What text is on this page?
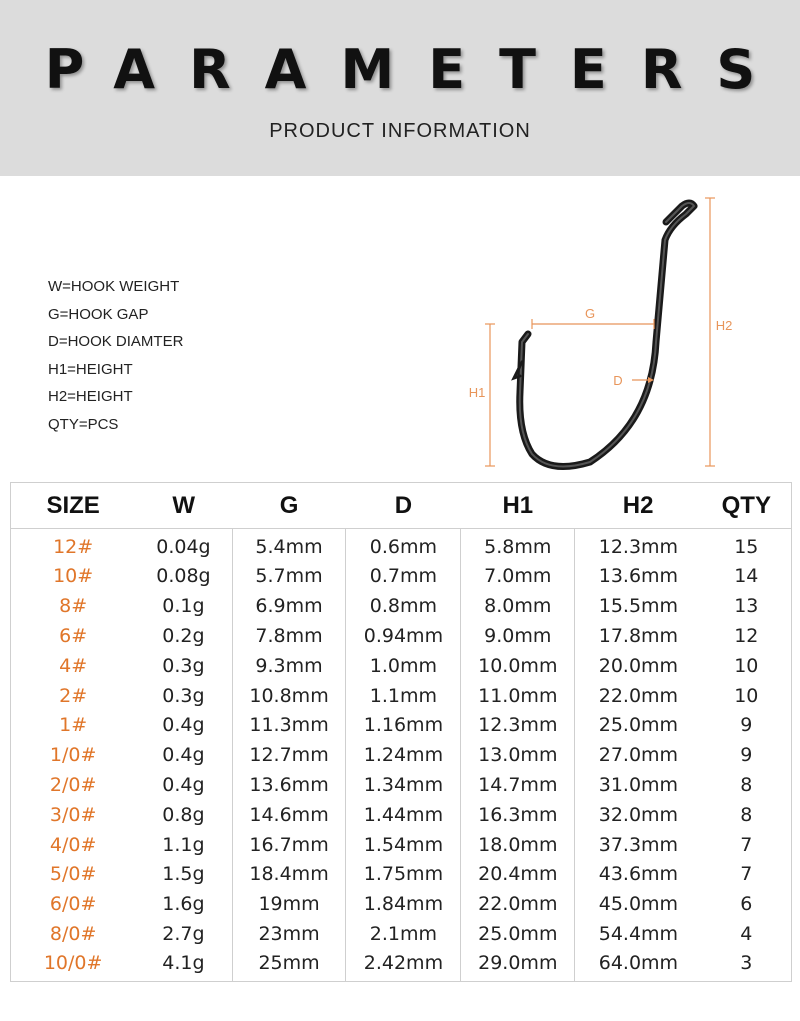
PARAMETERS
PRODUCT INFORMATION
W=HOOK WEIGHT
G=HOOK GAP
D=HOOK DIAMTER
H1=HEIGHT
H2=HEIGHT
QTY=PCS
G
D
H1
H2
SIZE	W	G	D	H1	H2	QTY
12#	0.04g	5.4mm	0.6mm	5.8mm	12.3mm	15
10#	0.08g	5.7mm	0.7mm	7.0mm	13.6mm	14
8#	0.1g	6.9mm	0.8mm	8.0mm	15.5mm	13
6#	0.2g	7.8mm	0.94mm	9.0mm	17.8mm	12
4#	0.3g	9.3mm	1.0mm	10.0mm	20.0mm	10
2#	0.3g	10.8mm	1.1mm	11.0mm	22.0mm	10
1#	0.4g	11.3mm	1.16mm	12.3mm	25.0mm	9
1/0#	0.4g	12.7mm	1.24mm	13.0mm	27.0mm	9
2/0#	0.4g	13.6mm	1.34mm	14.7mm	31.0mm	8
3/0#	0.8g	14.6mm	1.44mm	16.3mm	32.0mm	8
4/0#	1.1g	16.7mm	1.54mm	18.0mm	37.3mm	7
5/0#	1.5g	18.4mm	1.75mm	20.4mm	43.6mm	7
6/0#	1.6g	19mm	1.84mm	22.0mm	45.0mm	6
8/0#	2.7g	23mm	2.1mm	25.0mm	54.4mm	4
10/0#	4.1g	25mm	2.42mm	29.0mm	64.0mm	3
